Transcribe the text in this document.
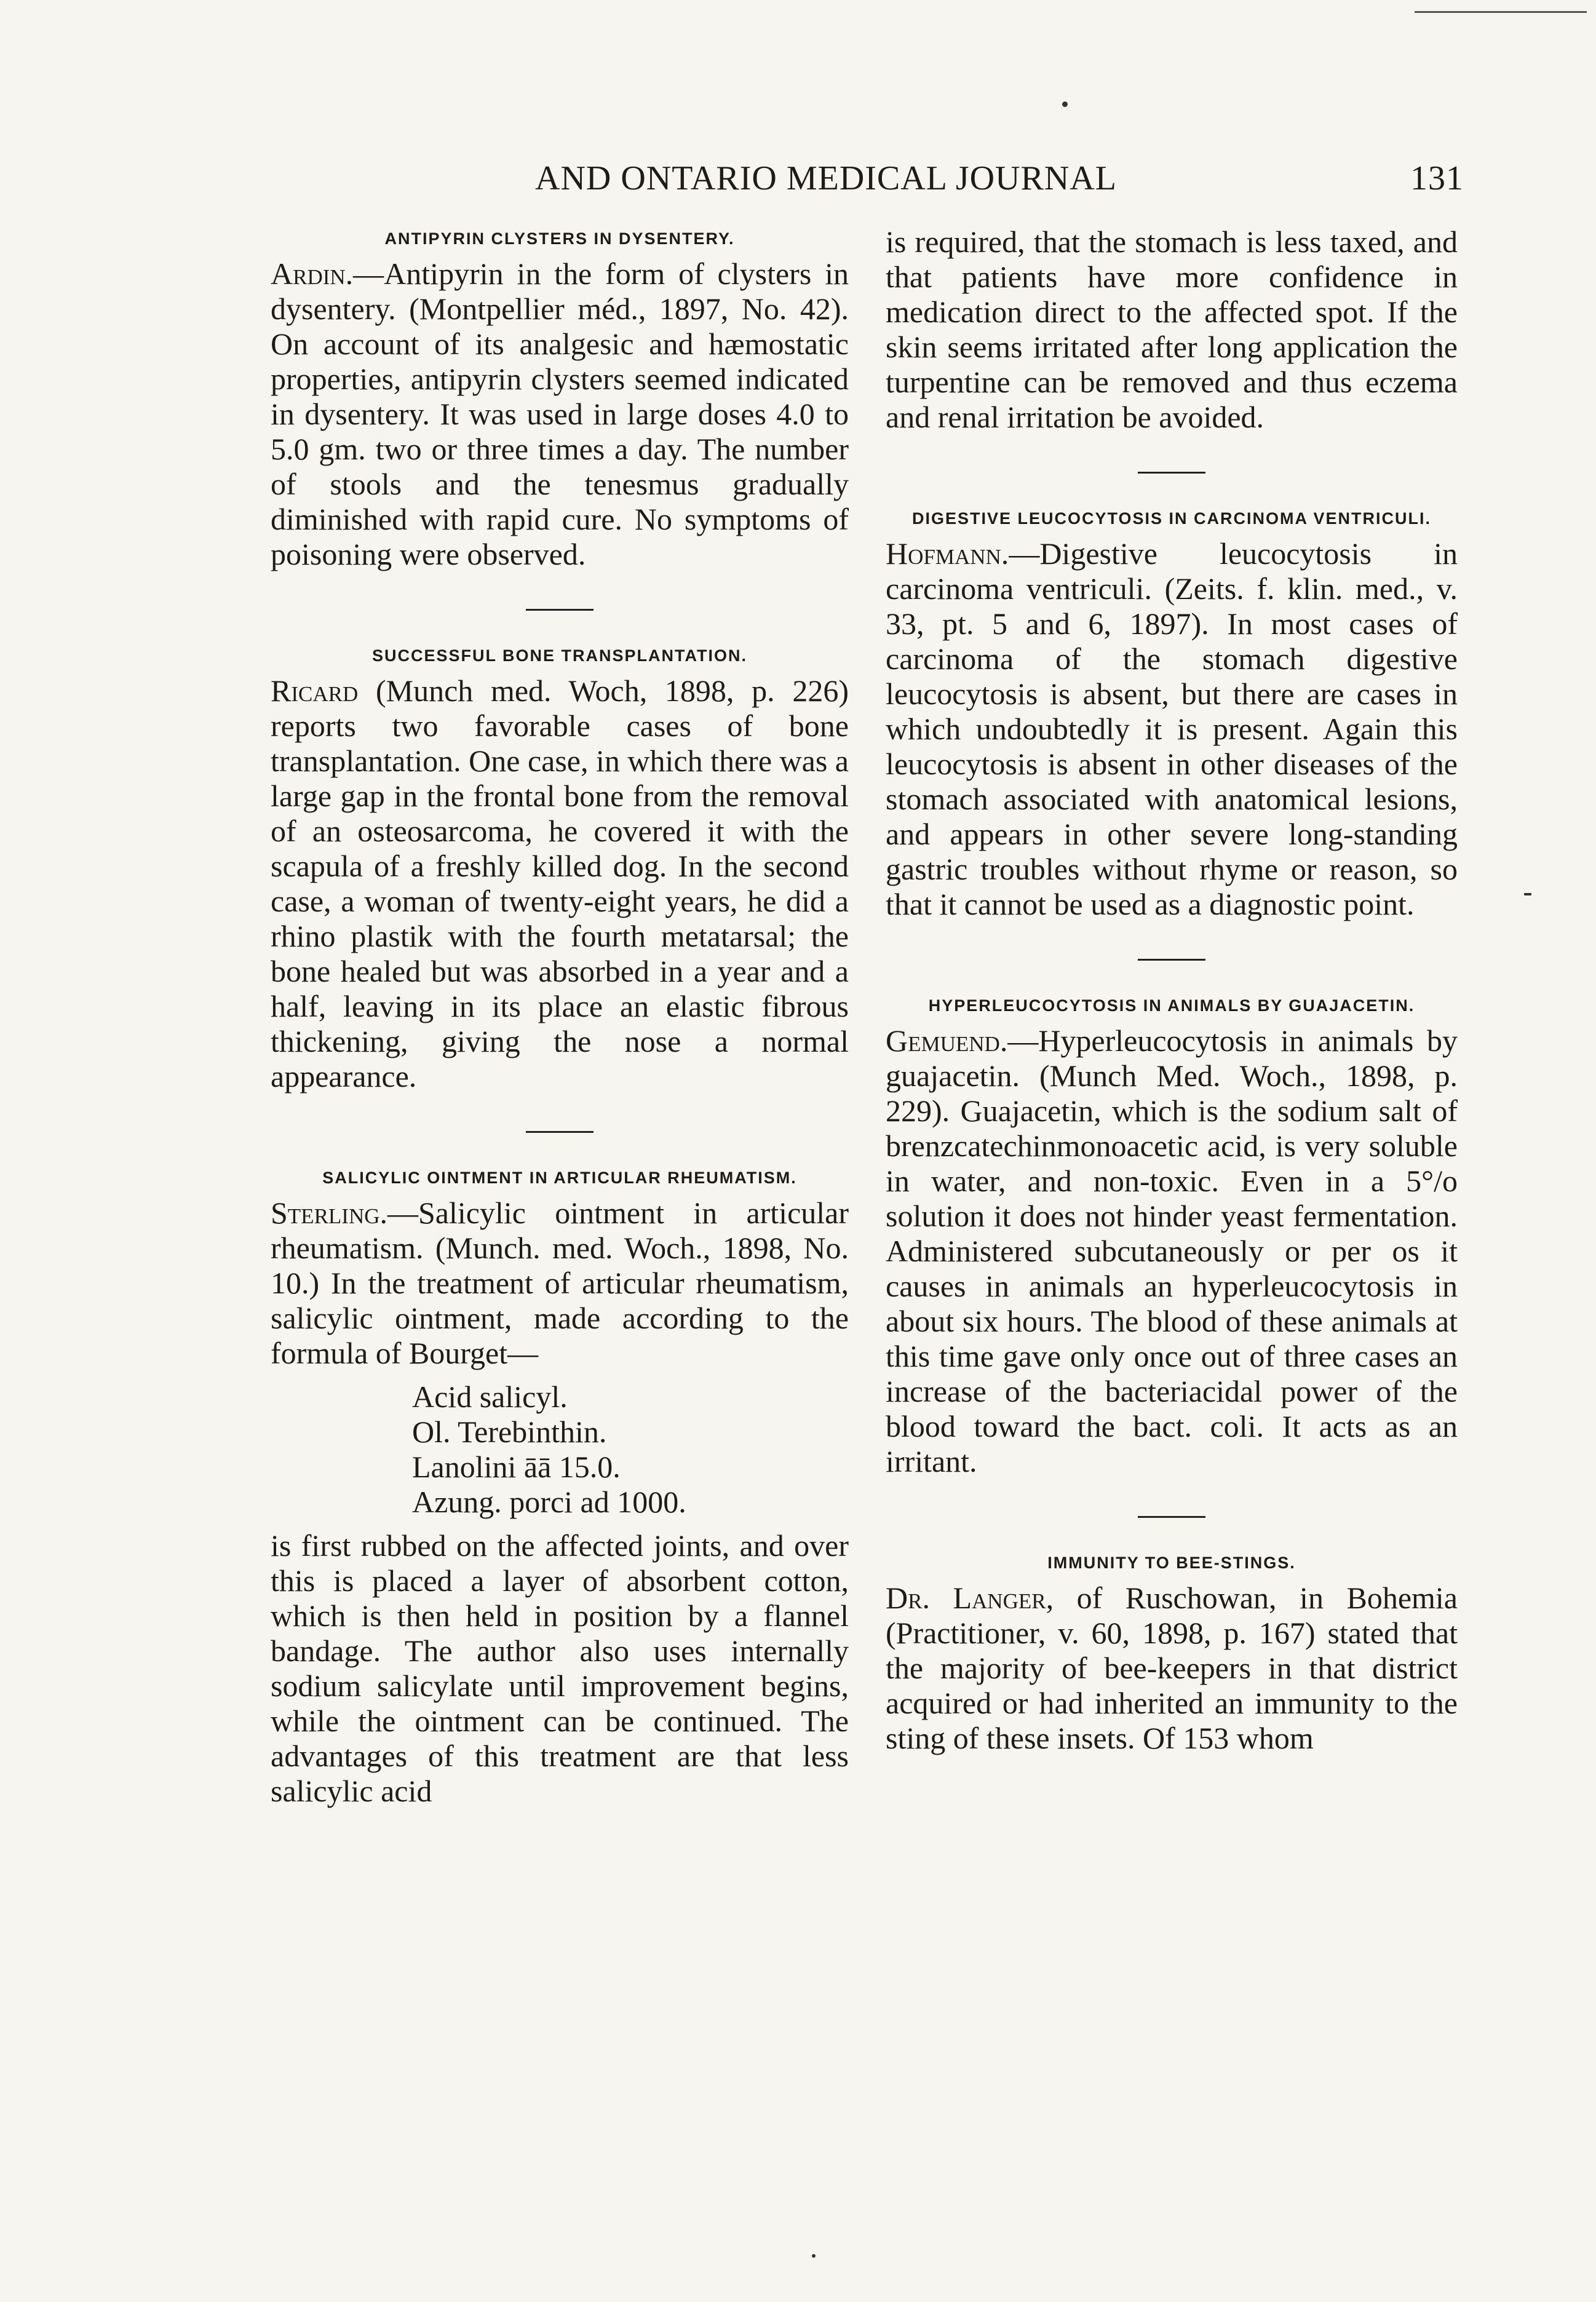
AND ONTARIO MEDICAL JOURNAL	131
ANTIPYRIN CLYSTERS IN DYSENTERY.

Ardin.—Antipyrin in the form of clysters in dysentery. (Montpellier méd., 1897, No. 42). On account of its analgesic and hæmostatic properties, antipyrin clysters seemed indicated in dysentery. It was used in large doses 4.0 to 5.0 gm. two or three times a day. The number of stools and the tenesmus gradually diminished with rapid cure. No symptoms of poisoning were observed.

SUCCESSFUL BONE TRANSPLANTATION.

Ricard (Munch med. Woch, 1898, p. 226) reports two favorable cases of bone transplantation. One case, in which there was a large gap in the frontal bone from the removal of an osteosarcoma, he covered it with the scapula of a freshly killed dog. In the second case, a woman of twenty-eight years, he did a rhino plastik with the fourth metatarsal; the bone healed but was absorbed in a year and a half, leaving in its place an elastic fibrous thickening, giving the nose a normal appearance.

SALICYLIC OINTMENT IN ARTICULAR RHEUMATISM.

Sterling.—Salicylic ointment in articular rheumatism. (Munch. med. Woch., 1898, No. 10.) In the treatment of articular rheumatism, salicylic ointment, made according to the formula of Bourget—

Acid salicyl.
Ol. Terebinthin.
Lanolini āā 15.0.
Azung. porci ad 1000.

is first rubbed on the affected joints, and over this is placed a layer of absorbent cotton, which is then held in position by a flannel bandage. The author also uses internally sodium salicylate until improvement begins, while the ointment can be continued. The advantages of this treatment are that less salicylic acid

is required, that the stomach is less taxed, and that patients have more confidence in medication direct to the affected spot. If the skin seems irritated after long application the turpentine can be removed and thus eczema and renal irritation be avoided.

DIGESTIVE LEUCOCYTOSIS IN CARCINOMA VENTRICULI.

Hofmann.—Digestive leucocytosis in carcinoma ventriculi. (Zeits. f. klin. med., v. 33, pt. 5 and 6, 1897). In most cases of carcinoma of the stomach digestive leucocytosis is absent, but there are cases in which undoubtedly it is present. Again this leucocytosis is absent in other diseases of the stomach associated with anatomical lesions, and appears in other severe long-standing gastric troubles without rhyme or reason, so that it cannot be used as a diagnostic point.

HYPERLEUCOCYTOSIS IN ANIMALS BY GUAJACETIN.

Gemuend.—Hyperleucocytosis in animals by guajacetin. (Munch Med. Woch., 1898, p. 229). Guajacetin, which is the sodium salt of brenzcatechinmonoacetic acid, is very soluble in water, and non-toxic. Even in a 5°/o solution it does not hinder yeast fermentation. Administered subcutaneously or per os it causes in animals an hyperleucocytosis in about six hours. The blood of these animals at this time gave only once out of three cases an increase of the bacteriacidal power of the blood toward the bact. coli. It acts as an irritant.

IMMUNITY TO BEE-STINGS.

Dr. Langer, of Ruschowan, in Bohemia (Practitioner, v. 60, 1898, p. 167) stated that the majority of bee-keepers in that district acquired or had inherited an immunity to the sting of these insets. Of 153 whom
